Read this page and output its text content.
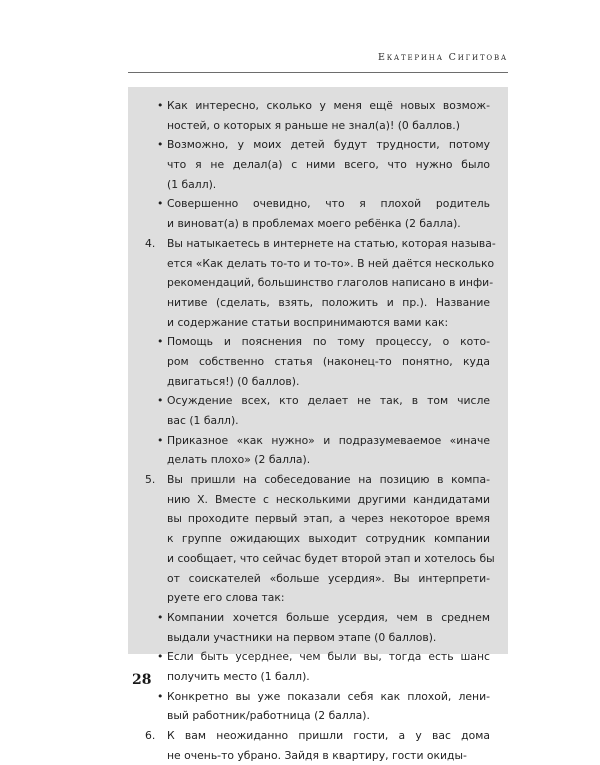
Екатерина Сигитова
• Как интересно, сколько у меня ещё новых возмож-
ностей, о которых я раньше не знал(а)! (0 баллов.)
• Возможно, у моих детей будут трудности, потому
что я не делал(а) с ними всего, что нужно было
(1 балл).
• Совершенно очевидно, что я плохой родитель
и виноват(а) в проблемах моего ребёнка (2 балла).
4. Вы натыкаетесь в интернете на статью, которая называ-
ется «Как делать то-то и то-то». В ней даётся несколько
рекомендаций, большинство глаголов написано в инфи-
нитиве (сделать, взять, положить и пр.). Название
и содержание статьи воспринимаются вами как:
• Помощь и пояснения по тому процессу, о кото-
ром собственно статья (наконец-то понятно, куда
двигаться!) (0 баллов).
• Осуждение всех, кто делает не так, в том числе
вас (1 балл).
• Приказное «как нужно» и подразумеваемое «иначе
делать плохо» (2 балла).
5. Вы пришли на собеседование на позицию в компа-
нию Х. Вместе с несколькими другими кандидатами
вы проходите первый этап, а через некоторое время
к группе ожидающих выходит сотрудник компании
и сообщает, что сейчас будет второй этап и хотелось бы
от соискателей «больше усердия». Вы интерпрети-
руете его слова так:
• Компании хочется больше усердия, чем в среднем
выдали участники на первом этапе (0 баллов).
• Если быть усерднее, чем были вы, тогда есть шанс
получить место (1 балл).
• Конкретно вы уже показали себя как плохой, лени-
вый работник/работница (2 балла).
6. К вам неожиданно пришли гости, а у вас дома
не очень-то убрано. Зайдя в квартиру, гости окиды-
28
